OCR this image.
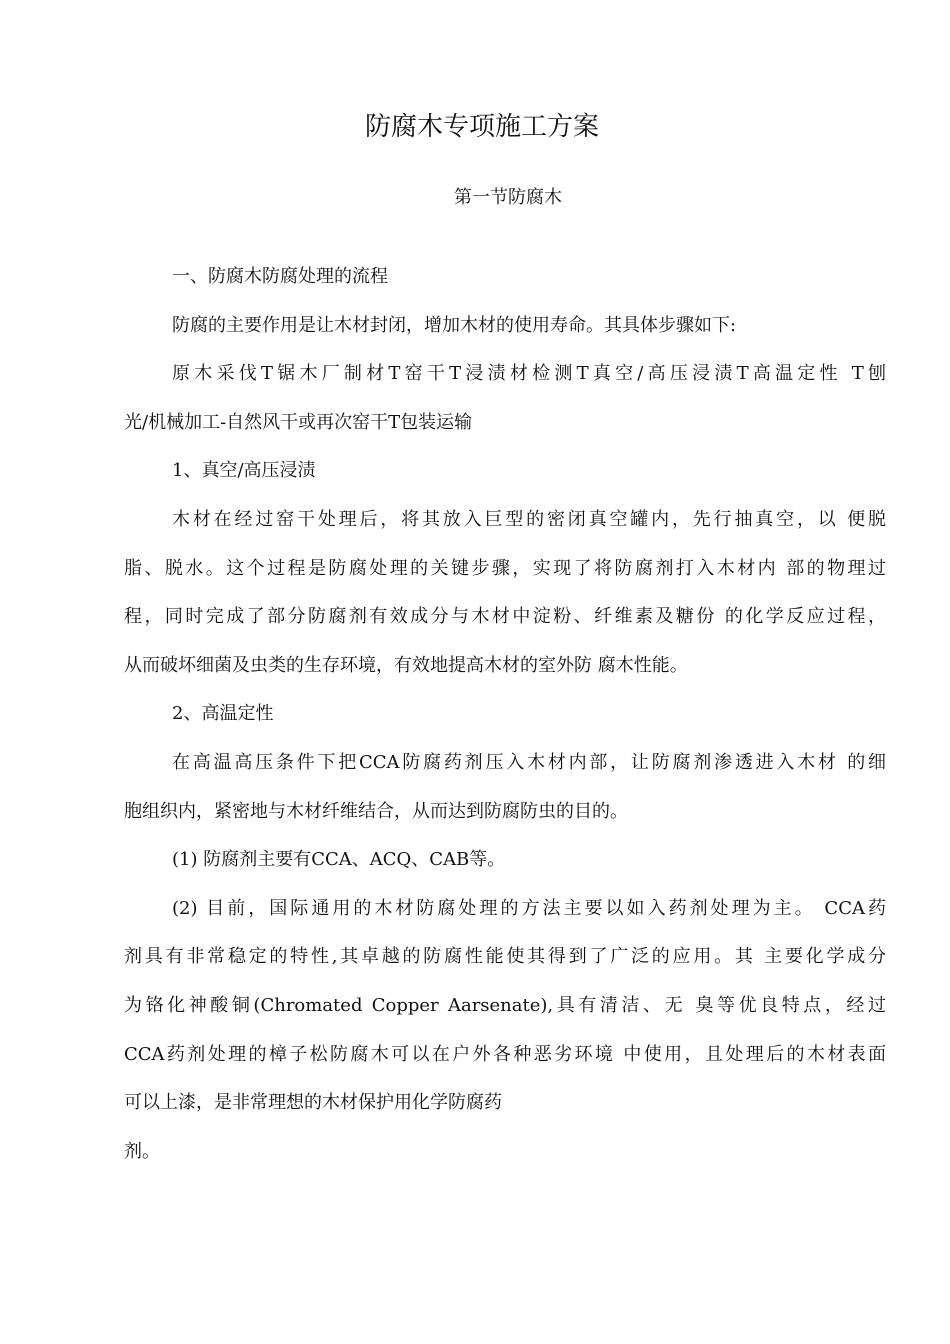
防腐木专项施工方案
第一节防腐木

一、防腐木防腐处理的流程

防腐的主要作用是让木材封闭，增加木材的使用寿命。其具体步骤如下:

原木采伐T锯木厂制材T窑干T浸渍材检测T真空/高压浸渍T高温定性 T刨

光/机械加工-自然风干或再次窑干T包装运输

1、真空/高压浸渍

木材在经过窑干处理后，将其放入巨型的密闭真空罐内，先行抽真空，以 便脱

脂、脱水。这个过程是防腐处理的关键步骤，实现了将防腐剂打入木材内 部的物理过

程，同时完成了部分防腐剂有效成分与木材中淀粉、纤维素及糖份 的化学反应过程，

从而破坏细菌及虫类的生存环境，有效地提高木材的室外防 腐木性能。

2、高温定性

在高温高压条件下把CCA防腐药剂压入木材内部，让防腐剂渗透进入木材 的细

胞组织内，紧密地与木材纤维结合，从而达到防腐防虫的目的。

(1) 防腐剂主要有CCA、ACQ、CAB等。

(2) 目前，国际通用的木材防腐处理的方法主要以如入药剂处理为主。 CCA药

剂具有非常稳定的特性,其卓越的防腐性能使其得到了广泛的应用。其 主要化学成分

为铬化神酸铜(Chromated Copper Aarsenate),具有清洁、无 臭等优良特点，经过

CCA药剂处理的樟子松防腐木可以在户外各种恶劣环境 中使用，且处理后的木材表面

可以上漆，是非常理想的木材保护用化学防腐药

剂。
